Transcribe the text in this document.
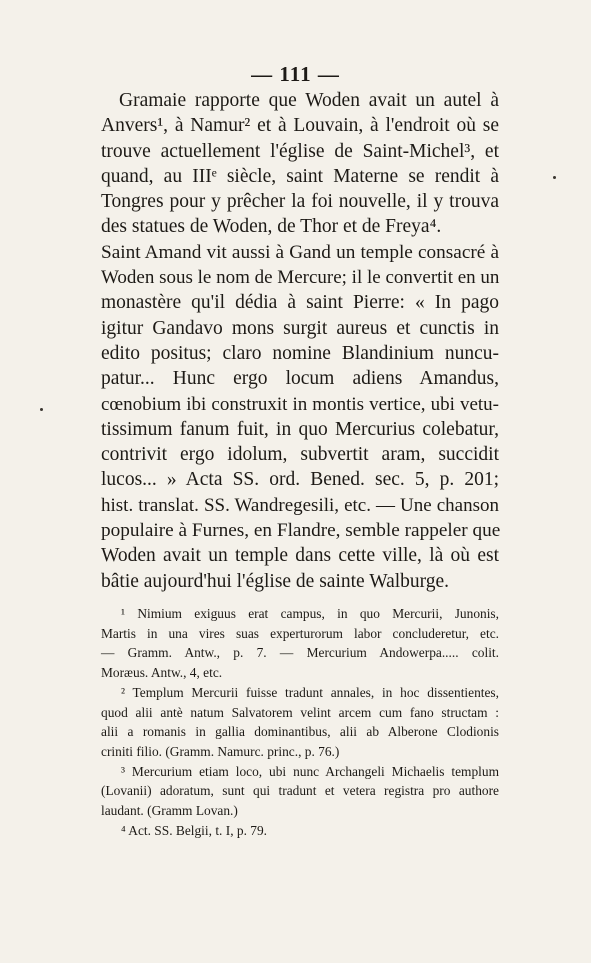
— 111 —
Gramaie rapporte que Woden avait un autel à
Anvers¹, à Namur² et à Louvain, à l'endroit où se
trouve actuellement l'église de Saint-Michel³, et
quand, au IIIᵉ siècle, saint Materne se rendit à
Tongres pour y prêcher la foi nouvelle, il y trouva
des statues de Woden, de Thor et de Freya⁴.
Saint Amand vit aussi à Gand un temple consacré à
Woden sous le nom de Mercure; il le convertit en un
monastère qu'il dédia à saint Pierre: « In pago
igitur Gandavo mons surgit aureus et cunctis in
edito positus; claro nomine Blandinium nuncu-
patur... Hunc ergo locum adiens Amandus,
cœnobium ibi construxit in montis vertice, ubi vetu-
tissimum fanum fuit, in quo Mercurius colebatur,
contrivit ergo idolum, subvertit aram, succidit
lucos... » Acta SS. ord. Bened. sec. 5, p. 201;
hist. translat. SS. Wandregesili, etc. — Une chanson
populaire à Furnes, en Flandre, semble rappeler que
Woden avait un temple dans cette ville, là où est
bâtie aujourd'hui l'église de sainte Walburge.
¹ Nimium exiguus erat campus, in quo Mercurii, Junonis,
Martis in una vires suas experturorum labor concluderetur, etc.
— Gramm. Antw., p. 7. — Mercurium Andowerpa..... colit.
Moræus. Antw., 4, etc.
² Templum Mercurii fuisse tradunt annales, in hoc dissentientes,
quod alii antè natum Salvatorem velint arcem cum fano structam :
alii a romanis in gallia dominantibus, alii ab Alberone Clodionis
criniti filio. (Gramm. Namurc. princ., p. 76.)
³ Mercurium etiam loco, ubi nunc Archangeli Michaelis templum
(Lovanii) adoratum, sunt qui tradunt et vetera registra pro authore
laudant. (Gramm Lovan.)
⁴ Act. SS. Belgii, t. I, p. 79.
